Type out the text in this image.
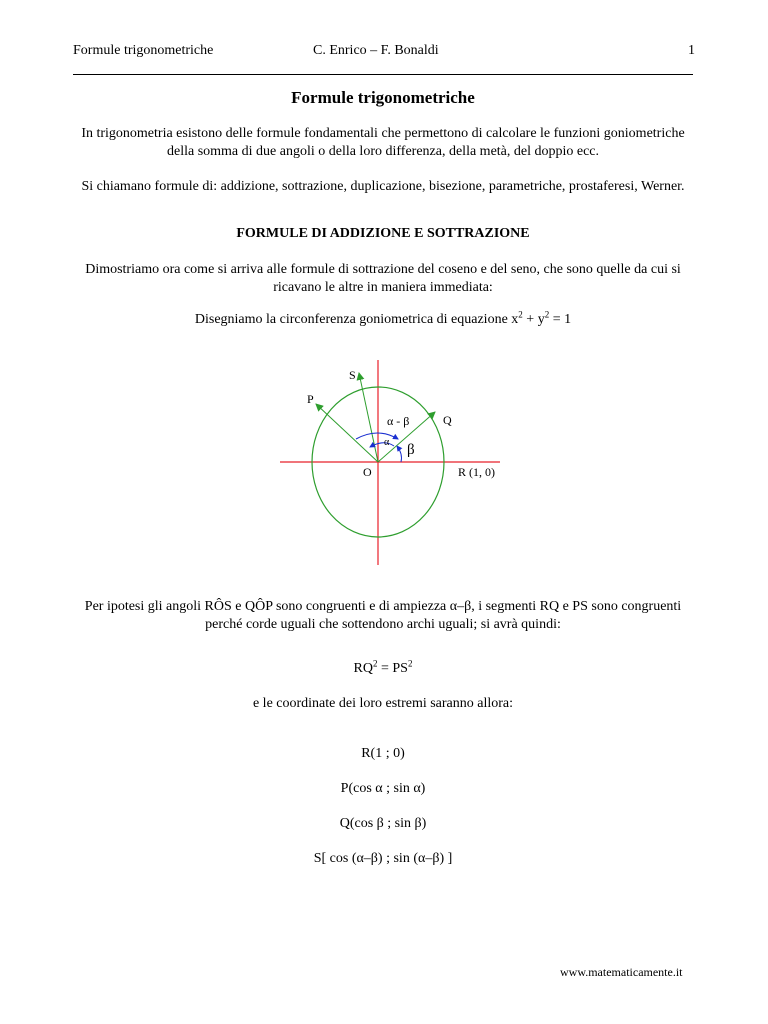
Formule trigonometriche	C. Enrico – F. Bonaldi	1
Formule trigonometriche
In trigonometria esistono delle formule fondamentali che permettono di calcolare le funzioni goniometriche della somma di due angoli o della loro differenza, della metà, del doppio ecc.
Si chiamano formule di: addizione, sottrazione, duplicazione, bisezione, parametriche, prostaferesi, Werner.
FORMULE DI ADDIZIONE E SOTTRAZIONE
Dimostriamo ora come si arriva alle formule di sottrazione del coseno e del seno, che sono quelle da cui si ricavano le altre in maniera immediata:
Disegniamo la circonferenza goniometrica di equazione $x^2 + y^2 = 1$
S
P
Q
O	R (1, 0)
α - β
α β
Per ipotesi gli angoli RÔS e QÔP sono congruenti e di ampiezza α–β, i segmenti RQ e PS sono congruenti perché corde uguali che sottendono archi uguali; si avrà quindi:
$RQ^2 = PS^2$
e le coordinate dei loro estremi saranno allora:
R(1 ; 0)
P(cos α ; sin α)
Q(cos β ; sin β)
S[ cos (α–β) ; sin (α–β) ]
www.matematicamente.it
